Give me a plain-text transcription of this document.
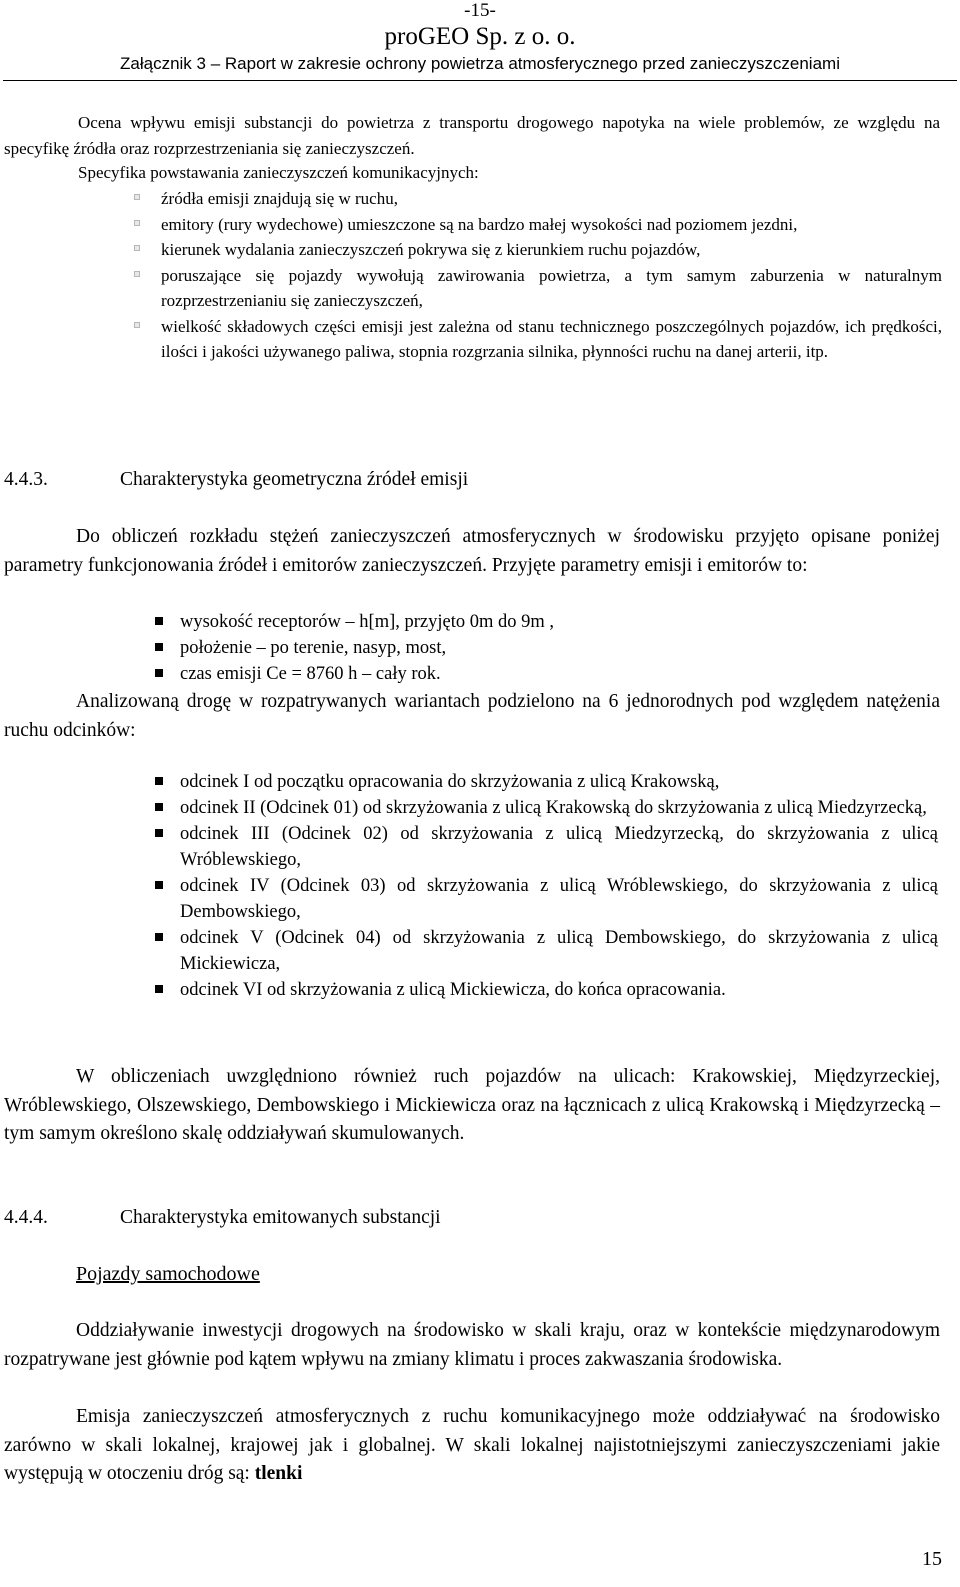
-15-
proGEO Sp. z o. o.
Załącznik 3 – Raport w zakresie ochrony powietrza atmosferycznego przed zanieczyszczeniami
Ocena wpływu emisji substancji do powietrza z transportu drogowego napotyka na wiele problemów, ze względu na specyfikę źródła oraz rozprzestrzeniania się zanieczyszczeń.
Specyfika powstawania zanieczyszczeń komunikacyjnych:
źródła emisji znajdują się w ruchu,
emitory (rury wydechowe) umieszczone są na bardzo małej wysokości nad poziomem jezdni,
kierunek wydalania zanieczyszczeń pokrywa się z kierunkiem ruchu pojazdów,
poruszające się pojazdy wywołują zawirowania powietrza, a tym samym zaburzenia w naturalnym rozprzestrzenianiu się zanieczyszczeń,
wielkość składowych części emisji jest zależna od stanu technicznego poszczególnych pojazdów, ich prędkości, ilości i jakości używanego paliwa, stopnia rozgrzania silnika, płynności ruchu na danej arterii, itp.
4.4.3.	Charakterystyka geometryczna źródeł emisji
Do obliczeń rozkładu stężeń zanieczyszczeń atmosferycznych w środowisku przyjęto opisane poniżej parametry funkcjonowania źródeł i emitorów zanieczyszczeń. Przyjęte parametry emisji i emitorów to:
wysokość receptorów – h[m], przyjęto 0m do 9m ,
położenie – po terenie, nasyp, most,
czas emisji Ce = 8760 h – cały rok.
Analizowaną drogę w rozpatrywanych wariantach podzielono na 6 jednorodnych pod względem natężenia ruchu odcinków:
odcinek I od początku opracowania do skrzyżowania z ulicą Krakowską,
odcinek II (Odcinek 01) od skrzyżowania z ulicą Krakowską do skrzyżowania z ulicą Miedzyrzecką,
odcinek III (Odcinek 02) od skrzyżowania z ulicą Miedzyrzecką, do skrzyżowania z ulicą Wróblewskiego,
odcinek IV (Odcinek 03) od skrzyżowania z ulicą Wróblewskiego, do skrzyżowania z ulicą Dembowskiego,
odcinek V (Odcinek 04) od skrzyżowania z ulicą Dembowskiego, do skrzyżowania z ulicą Mickiewicza,
odcinek VI od skrzyżowania z ulicą Mickiewicza, do końca opracowania.
W obliczeniach uwzględniono również ruch pojazdów na ulicach: Krakowskiej, Międzyrzeckiej, Wróblewskiego, Olszewskiego, Dembowskiego i Mickiewicza oraz na łącznicach z ulicą Krakowską i Międzyrzecką – tym samym określono skalę oddziaływań skumulowanych.
4.4.4.	Charakterystyka emitowanych substancji
Pojazdy samochodowe
Oddziaływanie inwestycji drogowych na środowisko w skali kraju, oraz w kontekście międzynarodowym rozpatrywane jest głównie pod kątem wpływu na zmiany klimatu i proces zakwaszania środowiska.
Emisja zanieczyszczeń atmosferycznych z ruchu komunikacyjnego może oddziaływać na środowisko zarówno w skali lokalnej, krajowej jak i globalnej. W skali lokalnej najistotniejszymi zanieczyszczeniami jakie występują w otoczeniu dróg są: tlenki
15
